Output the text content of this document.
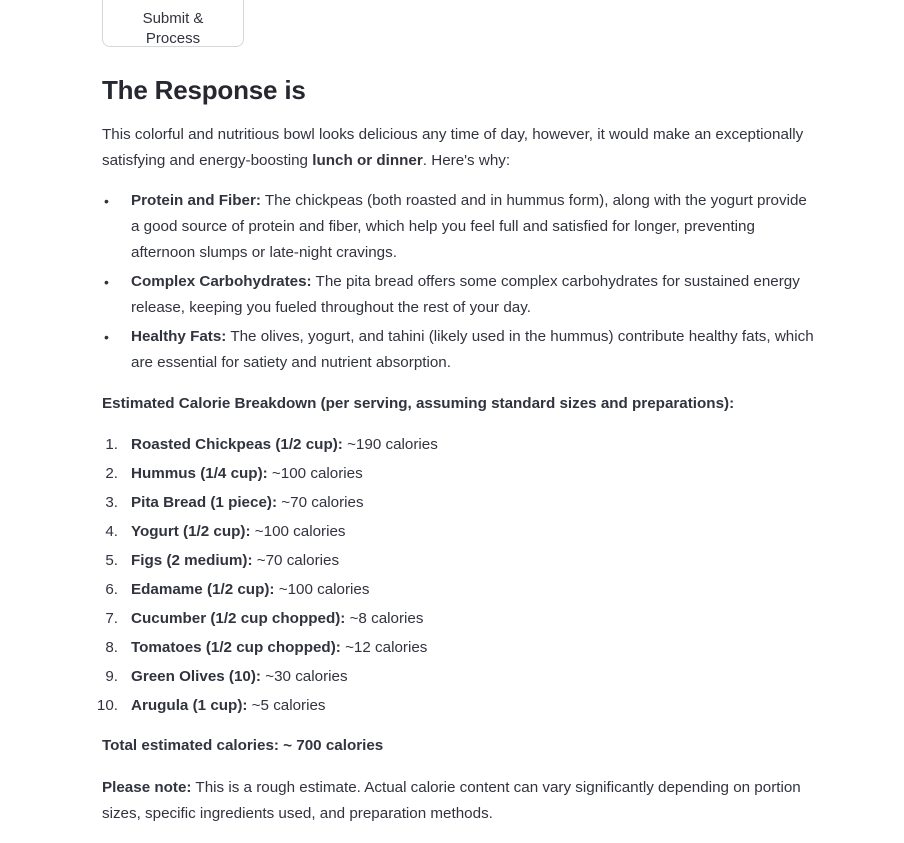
Submit & Process
The Response is

This colorful and nutritious bowl looks delicious any time of day, however, it would make an exceptionally satisfying and energy-boosting lunch or dinner. Here's why:

• Protein and Fiber: The chickpeas (both roasted and in hummus form), along with the yogurt provide a good source of protein and fiber, which help you feel full and satisfied for longer, preventing afternoon slumps or late-night cravings.
• Complex Carbohydrates: The pita bread offers some complex carbohydrates for sustained energy release, keeping you fueled throughout the rest of your day.
• Healthy Fats: The olives, yogurt, and tahini (likely used in the hummus) contribute healthy fats, which are essential for satiety and nutrient absorption.

Estimated Calorie Breakdown (per serving, assuming standard sizes and preparations):

1. Roasted Chickpeas (1/2 cup): ~190 calories
2. Hummus (1/4 cup): ~100 calories
3. Pita Bread (1 piece): ~70 calories
4. Yogurt (1/2 cup): ~100 calories
5. Figs (2 medium): ~70 calories
6. Edamame (1/2 cup): ~100 calories
7. Cucumber (1/2 cup chopped): ~8 calories
8. Tomatoes (1/2 cup chopped): ~12 calories
9. Green Olives (10): ~30 calories
10. Arugula (1 cup): ~5 calories

Total estimated calories: ~ 700 calories

Please note: This is a rough estimate. Actual calorie content can vary significantly depending on portion sizes, specific ingredients used, and preparation methods.
